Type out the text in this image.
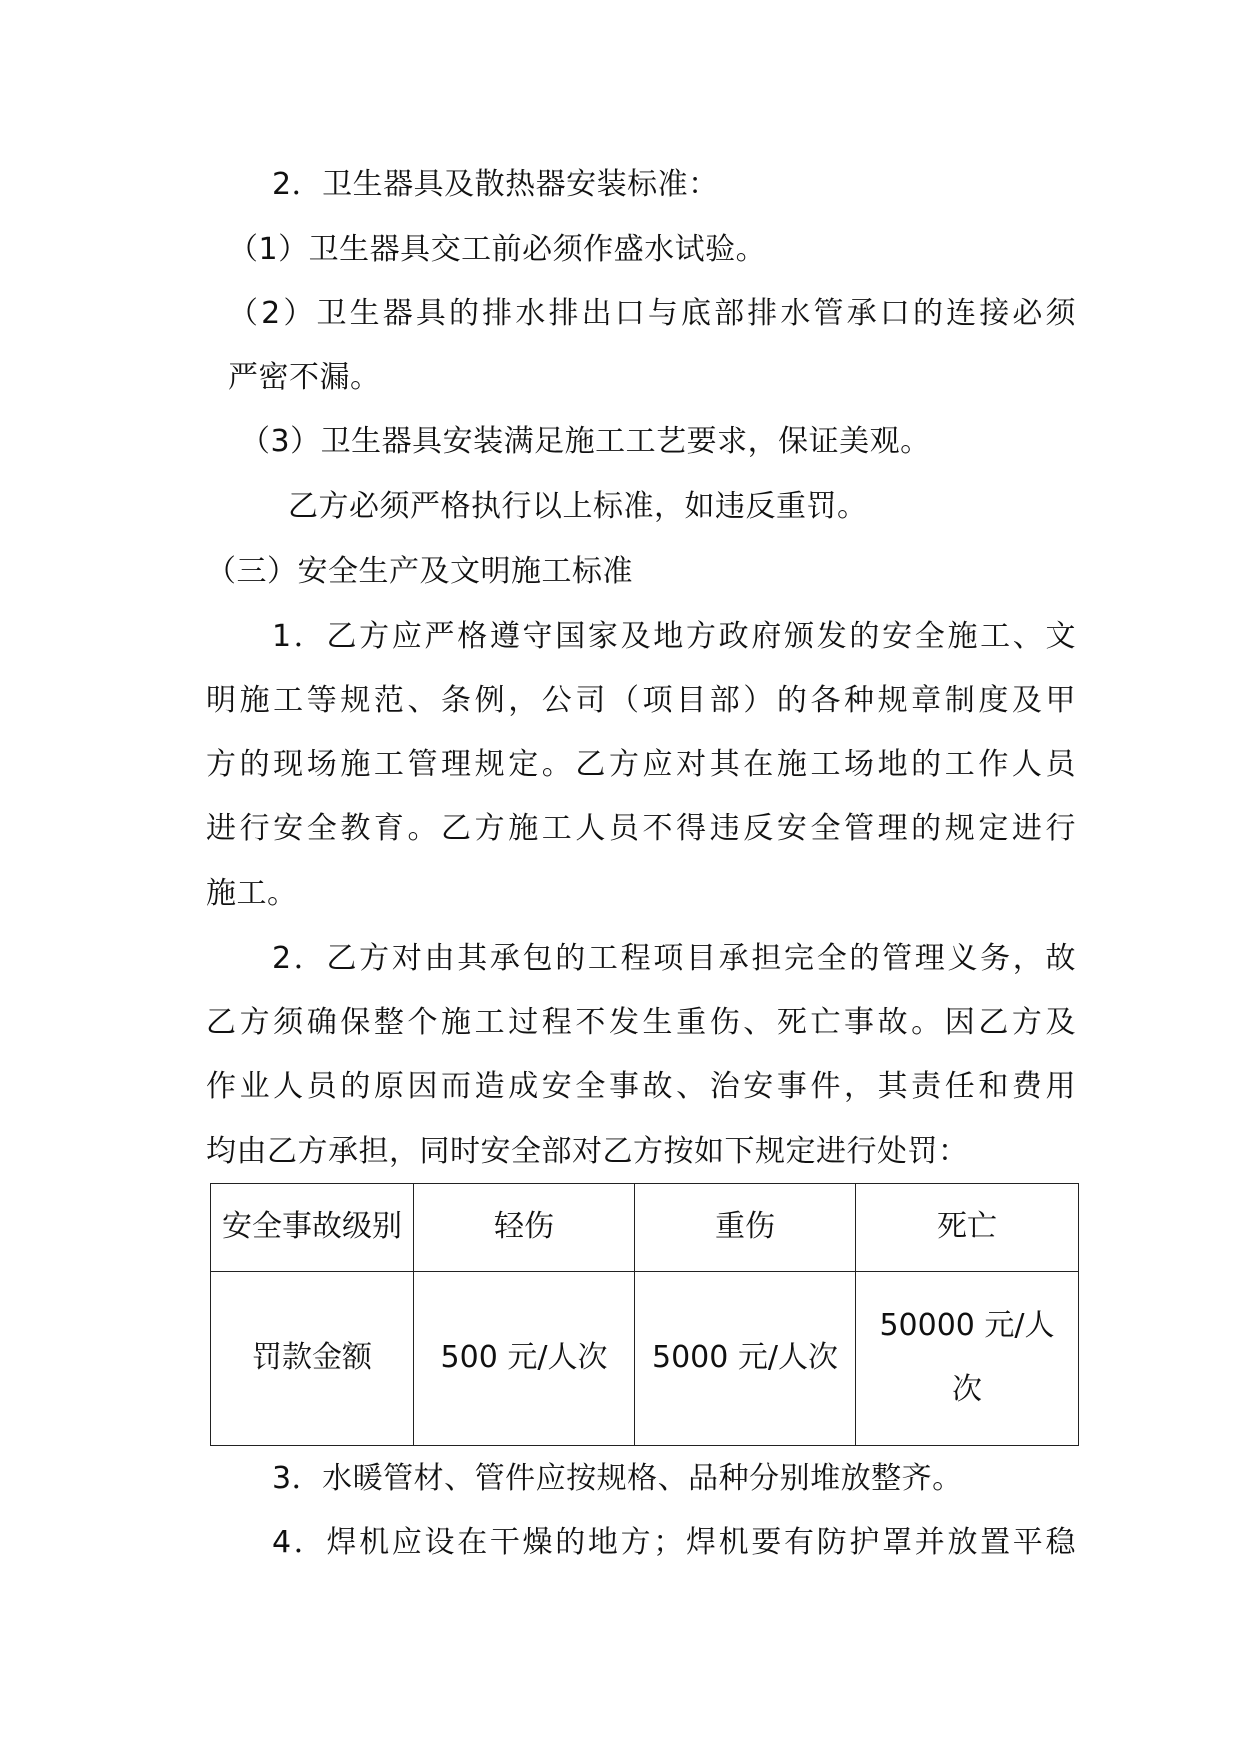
2．卫生器具及散热器安装标准：
（1）卫生器具交工前必须作盛水试验。
（2）卫生器具的排水排出口与底部排水管承口的连接必须
严密不漏。
（3）卫生器具安装满足施工工艺要求，保证美观。
乙方必须严格执行以上标准，如违反重罚。
（三）安全生产及文明施工标准
1．乙方应严格遵守国家及地方政府颁发的安全施工、文
明施工等规范、条例，公司（项目部）的各种规章制度及甲
方的现场施工管理规定。乙方应对其在施工场地的工作人员
进行安全教育。乙方施工人员不得违反安全管理的规定进行
施工。
2．乙方对由其承包的工程项目承担完全的管理义务，故
乙方须确保整个施工过程不发生重伤、死亡事故。因乙方及
作业人员的原因而造成安全事故、治安事件，其责任和费用
均由乙方承担，同时安全部对乙方按如下规定进行处罚：
安全事故级别	轻伤	重伤	死亡
罚款金额	500 元/人次	5000 元/人次	50000 元/人次
3．水暖管材、管件应按规格、品种分别堆放整齐。
4．焊机应设在干燥的地方；焊机要有防护罩并放置平稳
